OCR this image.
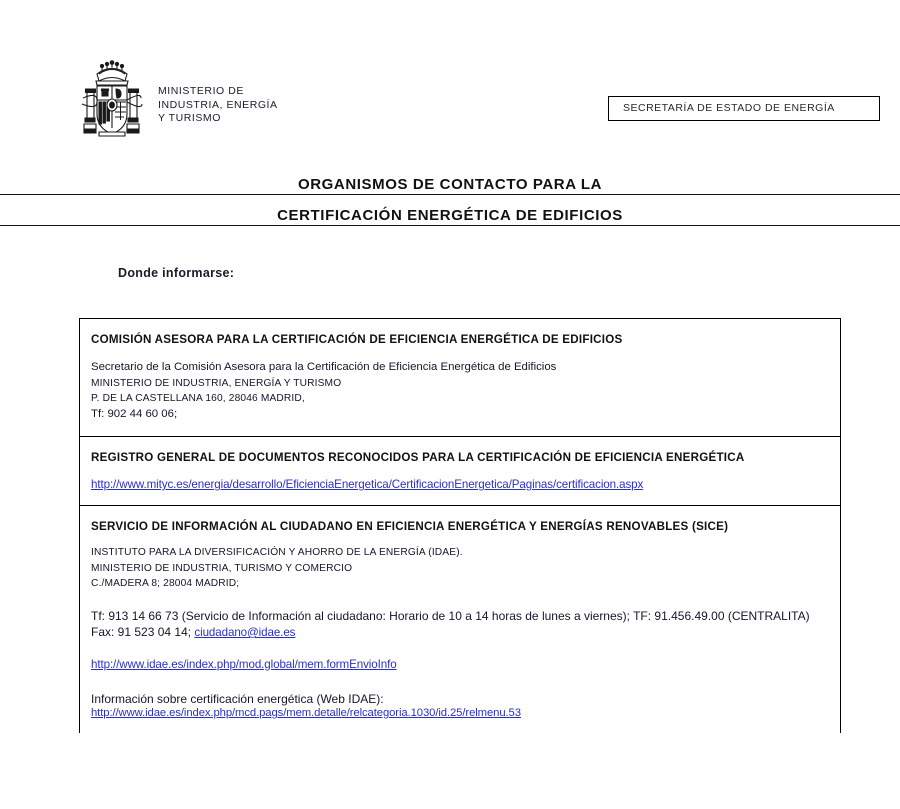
MINISTERIO DE
INDUSTRIA, ENERGÍA
Y TURISMO
SECRETARÍA DE ESTADO DE ENERGÍA
ORGANISMOS DE CONTACTO PARA LA
CERTIFICACIÓN ENERGÉTICA DE EDIFICIOS
Donde informarse:
COMISIÓN ASESORA PARA LA CERTIFICACIÓN DE EFICIENCIA ENERGÉTICA DE EDIFICIOS
Secretario de la Comisión Asesora para la Certificación de Eficiencia Energética de Edificios
MINISTERIO DE INDUSTRIA, ENERGÍA Y TURISMO
P. DE LA CASTELLANA 160, 28046 MADRID,
Tf: 902 44 60 06;
REGISTRO GENERAL DE DOCUMENTOS RECONOCIDOS PARA LA CERTIFICACIÓN DE EFICIENCIA ENERGÉTICA
http://www.mityc.es/energia/desarrollo/EficienciaEnergetica/CertificacionEnergetica/Paginas/certificacion.aspx
SERVICIO DE INFORMACIÓN AL CIUDADANO EN EFICIENCIA ENERGÉTICA Y ENERGÍAS RENOVABLES (SICE)
INSTITUTO PARA LA DIVERSIFICACIÓN Y AHORRO DE LA ENERGÍA (IDAE).
MINISTERIO DE INDUSTRIA, TURISMO Y COMERCIO
C./MADERA 8; 28004 MADRID;
Tf: 913 14 66 73 (Servicio de Información al ciudadano: Horario de 10 a 14 horas de lunes a viernes); TF: 91.456.49.00 (CENTRALITA)
Fax: 91 523 04 14; ciudadano@idae.es
http://www.idae.es/index.php/mod.global/mem.formEnvioInfo
Información sobre certificación energética (Web IDAE):
http://www.idae.es/index.php/mcd.pags/mem.detalle/relcategoria.1030/id.25/relmenu.53
